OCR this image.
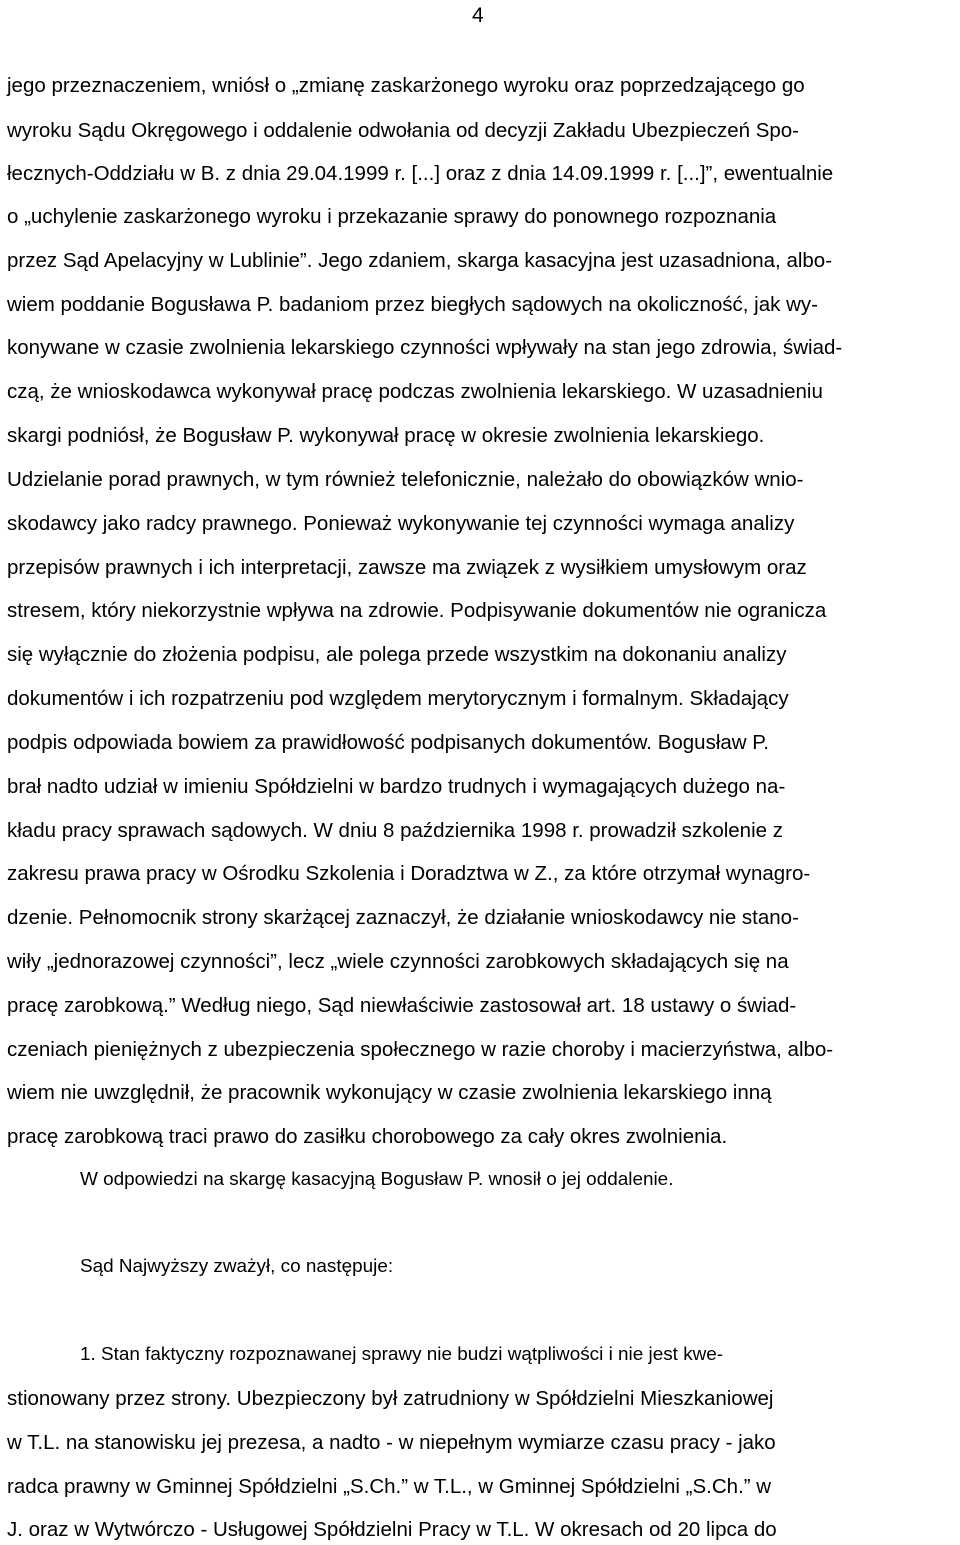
4
jego przeznaczeniem, wniósł o „zmianę zaskarżonego wyroku oraz poprzedzającego go
wyroku Sądu Okręgowego i oddalenie odwołania od decyzji Zakładu Ubezpieczeń Spo-
łecznych-Oddziału w B. z dnia 29.04.1999 r. [...] oraz z dnia 14.09.1999 r. [...]”, ewentualnie
o „uchylenie zaskarżonego wyroku i przekazanie sprawy do ponownego rozpoznania
przez Sąd Apelacyjny w Lublinie”. Jego zdaniem, skarga kasacyjna jest uzasadniona, albo-
wiem poddanie Bogusława P. badaniom przez biegłych sądowych na okoliczność, jak wy-
konywane w czasie zwolnienia lekarskiego czynności wpływały na stan jego zdrowia, świad-
czą, że wnioskodawca wykonywał pracę podczas zwolnienia lekarskiego. W uzasadnieniu
skargi podniósł, że Bogusław P. wykonywał pracę w okresie zwolnienia lekarskiego.
Udzielanie porad prawnych, w tym również telefonicznie, należało do obowiązków wnio-
skodawcy jako radcy prawnego. Ponieważ wykonywanie tej czynności wymaga analizy
przepisów prawnych i ich interpretacji, zawsze ma związek z wysiłkiem umysłowym oraz
stresem, który niekorzystnie wpływa na zdrowie. Podpisywanie dokumentów nie ogranicza
się wyłącznie do złożenia podpisu, ale polega przede wszystkim na dokonaniu analizy
dokumentów i ich rozpatrzeniu pod względem merytorycznym i formalnym. Składający
podpis odpowiada bowiem za prawidłowość podpisanych dokumentów. Bogusław P.
brał nadto udział w imieniu Spółdzielni w bardzo trudnych i wymagających dużego na-
kładu pracy sprawach sądowych. W dniu 8 października 1998 r. prowadził szkolenie z
zakresu prawa pracy w Ośrodku Szkolenia i Doradztwa w Z., za które otrzymał wynagro-
dzenie. Pełnomocnik strony skarżącej zaznaczył, że działanie wnioskodawcy nie stano-
wiły „jednorazowej czynności”, lecz „wiele czynności zarobkowych składających się na
pracę zarobkową.” Według niego, Sąd niewłaściwie zastosował art. 18 ustawy o świad-
czeniach pieniężnych z ubezpieczenia społecznego w razie choroby i macierzyństwa, albo-
wiem nie uwzględnił, że pracownik wykonujący w czasie zwolnienia lekarskiego inną
pracę zarobkową traci prawo do zasiłku chorobowego za cały okres zwolnienia.
W odpowiedzi na skargę kasacyjną Bogusław P. wnosił o jej oddalenie.
Sąd Najwyższy zważył, co następuje:
1. Stan faktyczny rozpoznawanej sprawy nie budzi wątpliwości i nie jest kwe-
stionowany przez strony. Ubezpieczony był zatrudniony w Spółdzielni Mieszkaniowej
w T.L. na stanowisku jej prezesa, a nadto - w niepełnym wymiarze czasu pracy - jako
radca prawny w Gminnej Spółdzielni „S.Ch.” w T.L., w Gminnej Spółdzielni „S.Ch.” w
J. oraz w Wytwórczo - Usługowej Spółdzielni Pracy w T.L. W okresach od 20 lipca do
